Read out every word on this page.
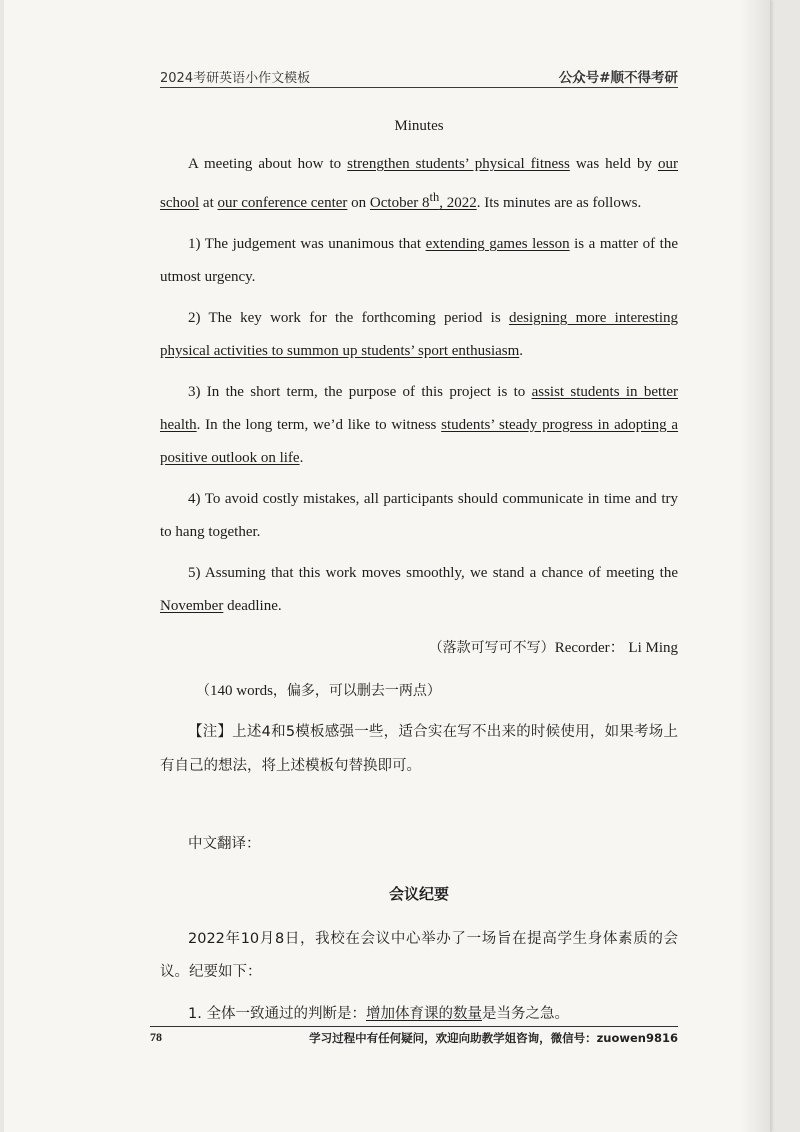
2024考研英语小作文模板	公众号#顺不得考研
Minutes

A meeting about how to strengthen students’ physical fitness was held by our school at our conference center on October 8th, 2022. Its minutes are as follows.

1) The judgement was unanimous that extending games lesson is a matter of the utmost urgency.

2) The key work for the forthcoming period is designing more interesting physical activities to summon up students’ sport enthusiasm.

3) In the short term, the purpose of this project is to assist students in better health. In the long term, we’d like to witness students’ steady progress in adopting a positive outlook on life.

4) To avoid costly mistakes, all participants should communicate in time and try to hang together.

5) Assuming that this work moves smoothly, we stand a chance of meeting the November deadline.

（落款可写可不写）Recorder： Li Ming
（140 words，偏多，可以删去一两点）
【注】上述4和5模板感强一些，适合实在写不出来的时候使用，如果考场上有自己的想法，将上述模板句替换即可。
中文翻译：
会议纪要
2022年10月8日，我校在会议中心举办了一场旨在提高学生身体素质的会议。纪要如下：
1. 全体一致通过的判断是：增加体育课的数量是当务之急。
78	学习过程中有任何疑问，欢迎向助教学姐咨询，微信号：zuowen9816
